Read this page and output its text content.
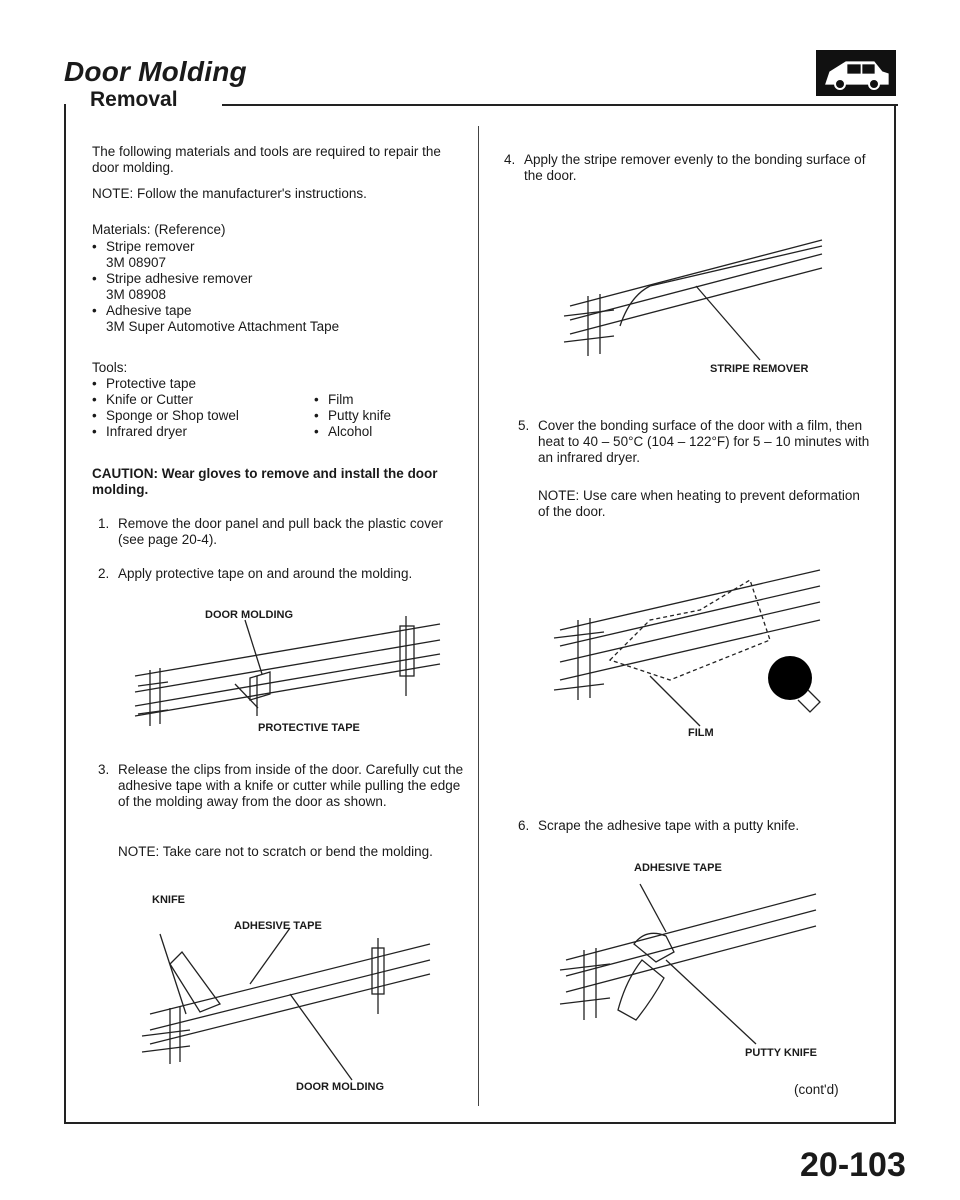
Door Molding
Removal
The following materials and tools are required to repair the door molding.
NOTE: Follow the manufacturer's instructions.
Materials: (Reference)
• Stripe remover
3M 08907
• Stripe adhesive remover
3M 08908
• Adhesive tape
3M Super Automotive Attachment Tape
Tools:
• Protective tape
• Knife or Cutter
• Sponge or Shop towel
• Infrared dryer
• Film
• Putty knife
• Alcohol
CAUTION: Wear gloves to remove and install the door molding.
1. Remove the door panel and pull back the plastic cover (see page 20-4).
2. Apply protective tape on and around the molding.
DOOR MOLDING
PROTECTIVE TAPE
3. Release the clips from inside of the door. Carefully cut the adhesive tape with a knife or cutter while pulling the edge of the molding away from the door as shown.
NOTE: Take care not to scratch or bend the molding.
KNIFE
ADHESIVE TAPE
DOOR MOLDING
4. Apply the stripe remover evenly to the bonding surface of the door.
STRIPE REMOVER
5. Cover the bonding surface of the door with a film, then heat to 40 – 50°C (104 – 122°F) for 5 – 10 minutes with an infrared dryer.
NOTE: Use care when heating to prevent deformation of the door.
FILM
6. Scrape the adhesive tape with a putty knife.
ADHESIVE TAPE
PUTTY KNIFE
(cont'd)
20-103
